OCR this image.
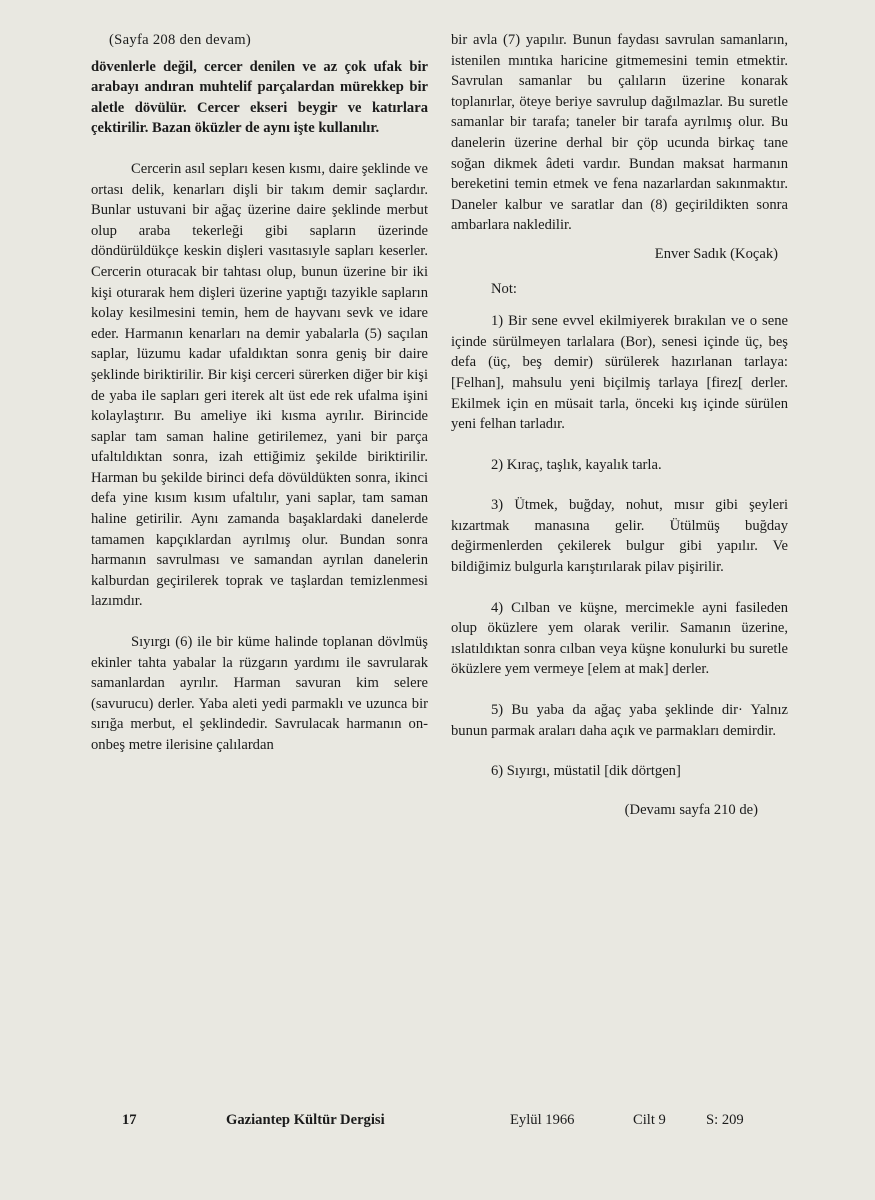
(Sayfa 208 den devam)

dövenlerle değil, cercer denilen ve az çok ufak bir arabayı andıran muhtelif parçalardan mürekkep bir aletle dövülür. Cercer ekseri beygir ve katırlara çektirilir. Bazan öküzler de aynı işte kullanılır.

Cercerin asıl sepları kesen kısmı, daire şeklinde ve ortası delik, kenarları dişli bir takım demir saçlardır. Bunlar ustuvani bir ağaç üzerine daire şeklinde merbut olup araba tekerleği gibi sapların üzerinde döndürüldükçe keskin dişleri vasıtasıyle sapları keserler. Cercerin oturacak bir tahtası olup, bunun üzerine bir iki kişi oturarak hem dişleri üzerine yaptığı tazyikle sapların kolay kesilmesini temin, hem de hayvanı sevk ve idare eder. Harmanın kenarları na demir yabalarla (5) saçılan saplar, lüzumu kadar ufaldıktan sonra geniş bir daire şeklinde biriktirilir. Bir kişi cerceri sürerken diğer bir kişi de yaba ile sapları geri iterek alt üst ede rek ufalma işini kolaylaştırır. Bu ameliye iki kısma ayrılır. Birincide saplar tam saman haline getirilemez, yani bir parça ufaltıldıktan sonra, izah ettiğimiz şekilde biriktirilir. Harman bu şekilde birinci defa dövüldükten sonra, ikinci defa yine kısım kısım ufaltılır, yani saplar, tam saman haline getirilir. Aynı zamanda başaklardaki danelerde tamamen kapçıklardan ayrılmış olur. Bundan sonra harmanın savrulması ve samandan ayrılan danelerin kalburdan geçirilerek toprak ve taşlardan temizlenmesi lazımdır.

Sıyırgı (6) ile bir küme halinde toplanan dövlmüş ekinler tahta yabalar la rüzgarın yardımı ile savrularak samanlardan ayrılır. Harman savuran kim selere (savurucu) derler. Yaba aleti yedi parmaklı ve uzunca bir sırığa merbut, el şeklindedir. Savrulacak harmanın on-onbeş metre ilerisine çalılardan

bir avla (7) yapılır. Bunun faydası savrulan samanların, istenilen mıntıka haricine gitmemesini temin etmektir. Savrulan samanlar bu çalıların üzerine konarak toplanırlar, öteye beriye savrulup dağılmazlar. Bu suretle samanlar bir tarafa; taneler bir tarafa ayrılmış olur. Bu danelerin üzerine derhal bir çöp ucunda birkaç tane soğan dikmek âdeti vardır. Bundan maksat harmanın bereketini temin etmek ve fena nazarlardan sakınmaktır. Daneler kalbur ve saratlar dan (8) geçirildikten sonra ambarlara nakledilir.

Enver Sadık (Koçak)

Not:

1) Bir sene evvel ekilmiyerek bırakılan ve o sene içinde sürülmeyen tarlalara (Bor), senesi içinde üç, beş defa (üç, beş demir) sürülerek hazırlanan tarlaya: [Felhan], mahsulu yeni biçilmiş tarlaya [firez[ derler. Ekilmek için en müsait tarla, önceki kış içinde sürülen yeni felhan tarladır.

2) Kıraç, taşlık, kayalık tarla.

3) Ütmek, buğday, nohut, mısır gibi şeyleri kızartmak manasına gelir. Ütülmüş buğday değirmenlerden çekilerek bulgur gibi yapılır. Ve bildiğimiz bulgurla karıştırılarak pilav pişirilir.

4) Cılban ve küşne, mercimekle ayni fasileden olup öküzlere yem olarak verilir. Samanın üzerine, ıslatıldıktan sonra cılban veya küşne konulurki bu suretle öküzlere yem vermeye [elem at mak] derler.

5) Bu yaba da ağaç yaba şeklinde dir· Yalnız bunun parmak araları daha açık ve parmakları demirdir.

6) Sıyırgı, müstatil [dik dörtgen]

(Devamı sayfa 210 de)

17	Gaziantep Kültür Dergisi	Eylül 1966	Cilt 9	S: 209
